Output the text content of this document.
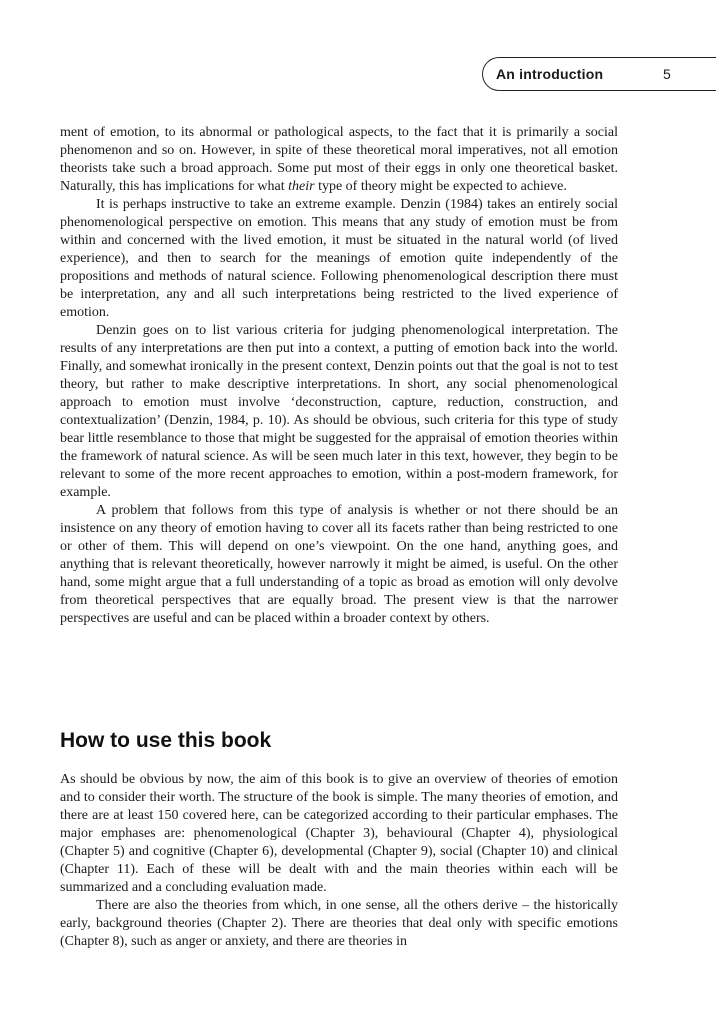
An introduction	5

ment of emotion, to its abnormal or pathological aspects, to the fact that it is primarily a social phenomenon and so on. However, in spite of these theoretical moral imperatives, not all emotion theorists take such a broad approach. Some put most of their eggs in only one theoretical basket. Naturally, this has implications for what their type of theory might be expected to achieve.

It is perhaps instructive to take an extreme example. Denzin (1984) takes an entirely social phenomenological perspective on emotion. This means that any study of emotion must be from within and concerned with the lived emotion, it must be situated in the natural world (of lived experience), and then to search for the meanings of emotion quite independently of the propositions and methods of natural science. Following phenomenological description there must be interpretation, any and all such interpretations being restricted to the lived experience of emotion.

Denzin goes on to list various criteria for judging phenomenological interpretation. The results of any interpretations are then put into a context, a putting of emotion back into the world. Finally, and somewhat ironically in the present context, Denzin points out that the goal is not to test theory, but rather to make descriptive interpretations. In short, any social phenomenological approach to emotion must involve ‘deconstruction, capture, reduction, construction, and contextualization’ (Denzin, 1984, p. 10). As should be obvious, such criteria for this type of study bear little resemblance to those that might be suggested for the appraisal of emotion theories within the framework of natural science. As will be seen much later in this text, however, they begin to be relevant to some of the more recent approaches to emotion, within a post-modern framework, for example.

A problem that follows from this type of analysis is whether or not there should be an insistence on any theory of emotion having to cover all its facets rather than being restricted to one or other of them. This will depend on one’s viewpoint. On the one hand, anything goes, and anything that is relevant theoretically, however narrowly it might be aimed, is useful. On the other hand, some might argue that a full understanding of a topic as broad as emotion will only devolve from theoretical perspectives that are equally broad. The present view is that the narrower perspectives are useful and can be placed within a broader context by others.

How to use this book

As should be obvious by now, the aim of this book is to give an overview of theories of emotion and to consider their worth. The structure of the book is simple. The many theories of emotion, and there are at least 150 covered here, can be categorized according to their particular emphases. The major emphases are: phenomenological (Chapter 3), behavioural (Chapter 4), physiological (Chapter 5) and cognitive (Chapter 6), developmental (Chapter 9), social (Chapter 10) and clinical (Chapter 11). Each of these will be dealt with and the main theories within each will be summarized and a concluding evaluation made.

There are also the theories from which, in one sense, all the others derive – the historically early, background theories (Chapter 2). There are theories that deal only with specific emotions (Chapter 8), such as anger or anxiety, and there are theories in
